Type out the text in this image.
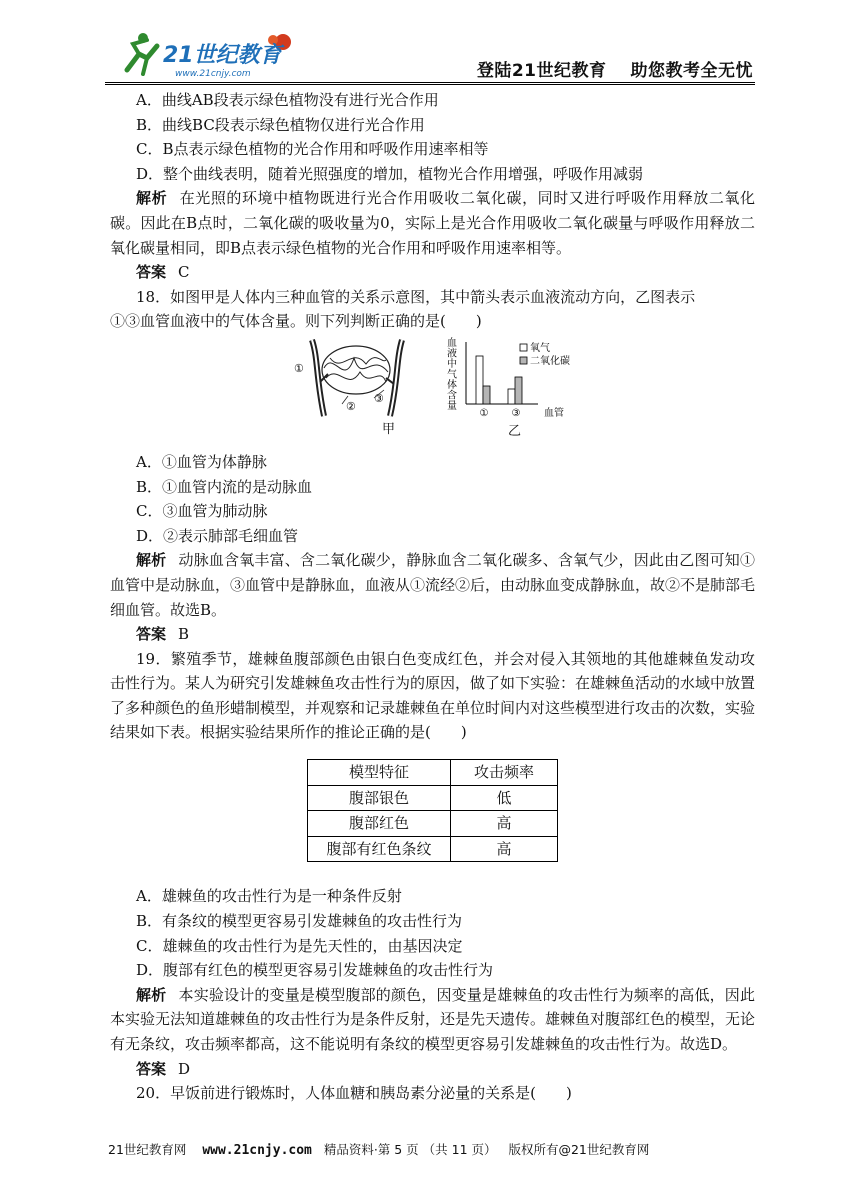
21世纪教育
www.21cnjy.com	登陆21世纪教育 助您教考全无忧
A．曲线AB段表示绿色植物没有进行光合作用
B．曲线BC段表示绿色植物仅进行光合作用
C．B点表示绿色植物的光合作用和呼吸作用速率相等
D．整个曲线表明，随着光照强度的增加，植物光合作用增强，呼吸作用减弱
解析 在光照的环境中植物既进行光合作用吸收二氧化碳，同时又进行呼吸作用释放二氧化碳。因此在B点时，二氧化碳的吸收量为0，实际上是光合作用吸收二氧化碳量与呼吸作用释放二氧化碳量相同，即B点表示绿色植物的光合作用和呼吸作用速率相等。
答案 C
18．如图甲是人体内三种血管的关系示意图，其中箭头表示血液流动方向，乙图表示
①③血管血液中的气体含量。则下列判断正确的是(　　)
①
②
③
甲
血
液
中
气
体
含
量
① ③ 血管
氧气
二氧化碳
乙
A．①血管为体静脉
B．①血管内流的是动脉血
C．③血管为肺动脉
D．②表示肺部毛细血管
解析 动脉血含氧丰富、含二氧化碳少，静脉血含二氧化碳多、含氧气少，因此由乙图可知①血管中是动脉血，③血管中是静脉血，血液从①流经②后，由动脉血变成静脉血，故②不是肺部毛细血管。故选B。
答案 B
19．繁殖季节，雄棘鱼腹部颜色由银白色变成红色，并会对侵入其领地的其他雄棘鱼发动攻击性行为。某人为研究引发雄棘鱼攻击性行为的原因，做了如下实验：在雄棘鱼活动的水域中放置了多种颜色的鱼形蜡制模型，并观察和记录雄棘鱼在单位时间内对这些模型进行攻击的次数，实验结果如下表。根据实验结果所作的推论正确的是(　　)
模型特征	攻击频率
腹部银色	低
腹部红色	高
腹部有红色条纹	高
A．雄棘鱼的攻击性行为是一种条件反射
B．有条纹的模型更容易引发雄棘鱼的攻击性行为
C．雄棘鱼的攻击性行为是先天性的，由基因决定
D．腹部有红色的模型更容易引发雄棘鱼的攻击性行为
解析 本实验设计的变量是模型腹部的颜色，因变量是雄棘鱼的攻击性行为频率的高低，因此本实验无法知道雄棘鱼的攻击性行为是条件反射，还是先天遗传。雄棘鱼对腹部红色的模型，无论有无条纹，攻击频率都高，这不能说明有条纹的模型更容易引发雄棘鱼的攻击性行为。故选D。
答案 D
20．早饭前进行锻炼时，人体血糖和胰岛素分泌量的关系是(　　)
21世纪教育网 www.21cnjy.com 精品资料·第 5 页 （共 11 页） 版权所有@21世纪教育网
